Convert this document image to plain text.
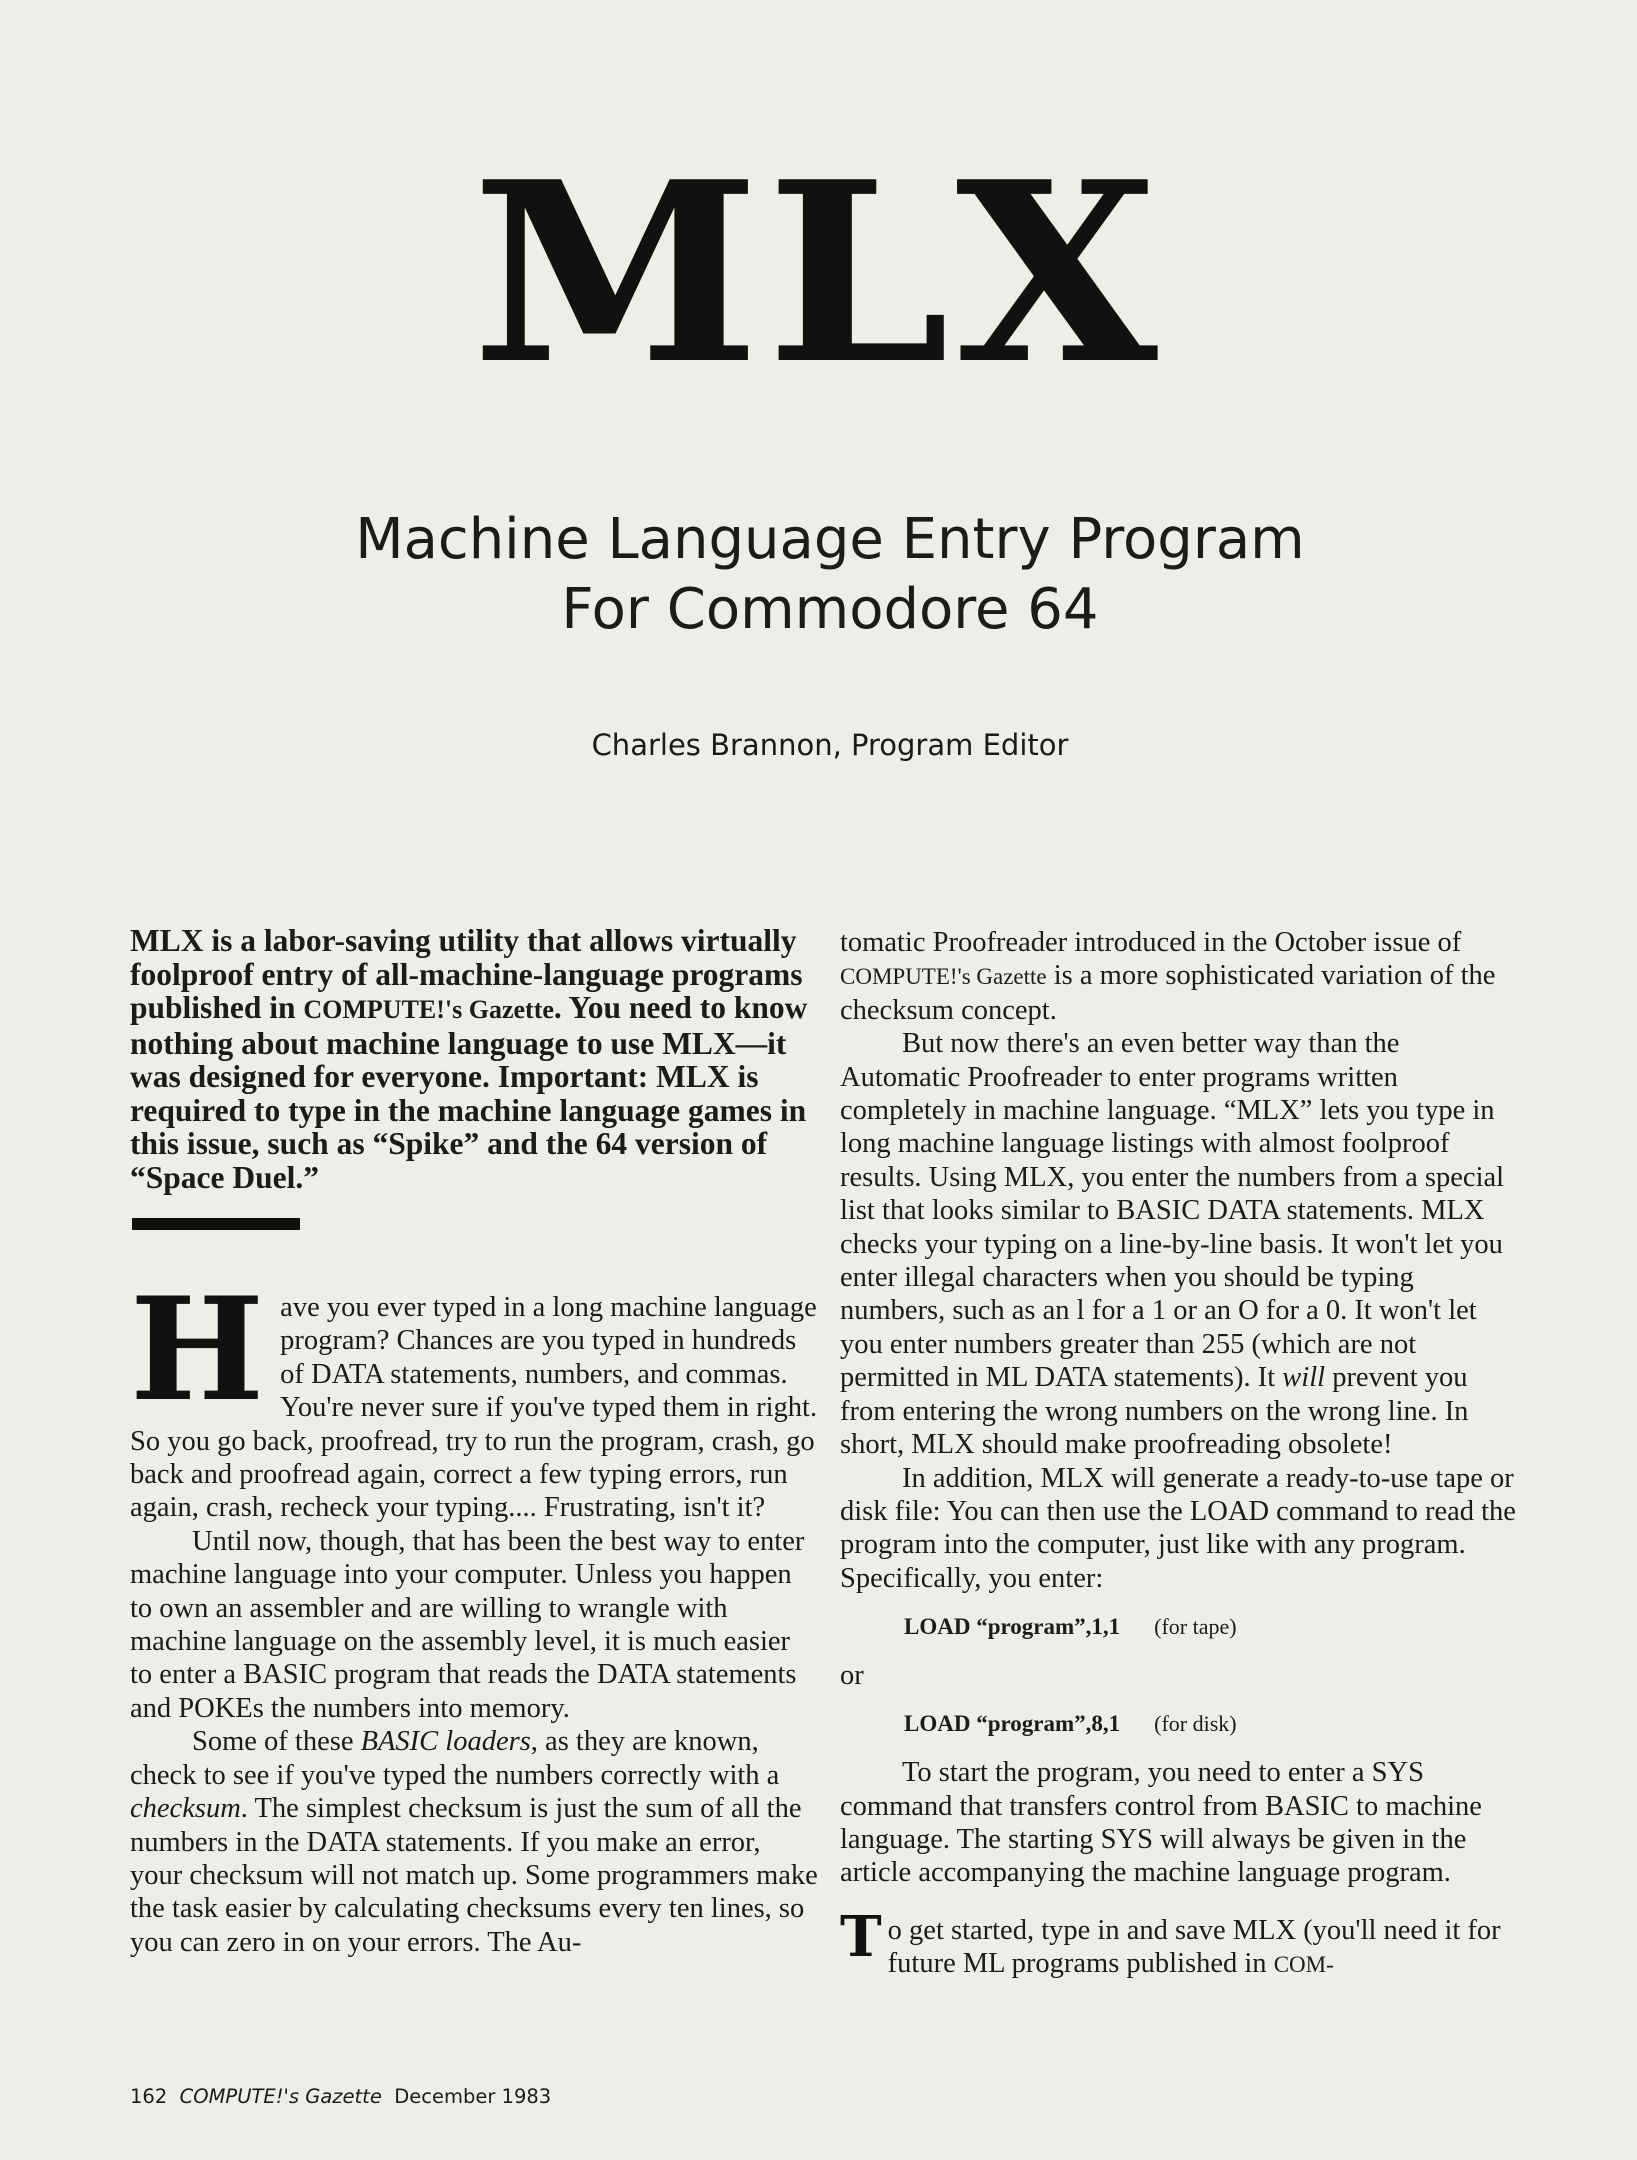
MLX
Machine Language Entry Program
For Commodore 64
Charles Brannon, Program Editor

MLX is a labor-saving utility that allows virtually foolproof entry of all-machine-language programs published in COMPUTE!'s Gazette. You need to know nothing about machine language to use MLX—it was designed for everyone. Important: MLX is required to type in the machine language games in this issue, such as “Spike” and the 64 version of “Space Duel.”

Have you ever typed in a long machine language program? Chances are you typed in hundreds of DATA statements, numbers, and commas. You're never sure if you've typed them in right. So you go back, proofread, try to run the program, crash, go back and proofread again, correct a few typing errors, run again, crash, recheck your typing.... Frustrating, isn't it?

Until now, though, that has been the best way to enter machine language into your computer. Unless you happen to own an assembler and are willing to wrangle with machine language on the assembly level, it is much easier to enter a BASIC program that reads the DATA statements and POKEs the numbers into memory.

Some of these BASIC loaders, as they are known, check to see if you've typed the numbers correctly with a checksum. The simplest checksum is just the sum of all the numbers in the DATA statements. If you make an error, your checksum will not match up. Some programmers make the task easier by calculating checksums every ten lines, so you can zero in on your errors. The Au-

tomatic Proofreader introduced in the October issue of COMPUTE!'s Gazette is a more sophisticated variation of the checksum concept.

But now there's an even better way than the Automatic Proofreader to enter programs written completely in machine language. “MLX” lets you type in long machine language listings with almost foolproof results. Using MLX, you enter the numbers from a special list that looks similar to BASIC DATA statements. MLX checks your typing on a line-by-line basis. It won't let you enter illegal characters when you should be typing numbers, such as an l for a 1 or an O for a 0. It won't let you enter numbers greater than 255 (which are not permitted in ML DATA statements). It will prevent you from entering the wrong numbers on the wrong line. In short, MLX should make proofreading obsolete!

In addition, MLX will generate a ready-to-use tape or disk file: You can then use the LOAD command to read the program into the computer, just like with any program. Specifically, you enter:

LOAD “program”,1,1 (for tape)

or

LOAD “program”,8,1 (for disk)

To start the program, you need to enter a SYS command that transfers control from BASIC to machine language. The starting SYS will always be given in the article accompanying the machine language program.

To get started, type in and save MLX (you'll need it for future ML programs published in COM-

162 COMPUTE!'s Gazette December 1983
